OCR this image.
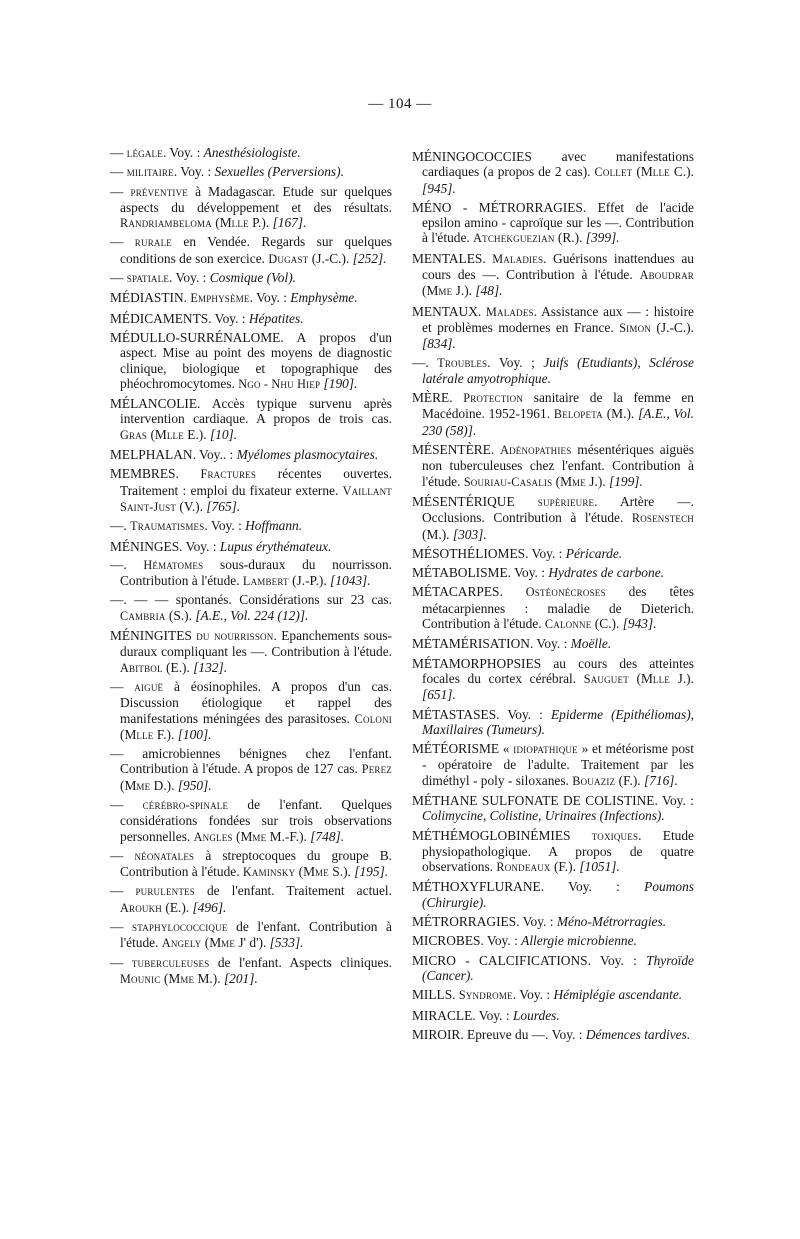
— 104 —

— légale. Voy. : Anesthésiologiste.

— militaire. Voy. : Sexuelles (Perversions).

— préventive à Madagascar. Etude sur quelques aspects du développement et des résultats. Randriambeloma (Mlle P.). [167].

— rurale en Vendée. Regards sur quelques conditions de son exercice. Dugast (J.-C.). [252].

— spatiale. Voy. : Cosmique (Vol).

MÉDIASTIN. Emphysème. Voy. : Emphysème.

MÉDICAMENTS. Voy. : Hépatites.

MÉDULLO-SURRÉNALOME. A propos d'un aspect. Mise au point des moyens de diagnostic clinique, biologique et topographique des phéochromocytomes. Ngo - Nhu Hiep [190].

MÉLANCOLIE. Accès typique survenu après intervention cardiaque. A propos de trois cas. Gras (Mlle E.). [10].

MELPHALAN. Voy.. : Myélomes plasmocytaires.

MEMBRES. Fractures récentes ouvertes. Traitement : emploi du fixateur externe. Vaillant Saint-Just (V.). [765].

—. Traumatismes. Voy. : Hoffmann.

MÉNINGES. Voy. : Lupus érythémateux.

—. Hématomes sous-duraux du nourrisson. Contribution à l'étude. Lambert (J.-P.). [1043].

—. — — spontanés. Considérations sur 23 cas. Cambria (S.). [A.E., Vol. 224 (12)].

MÉNINGITES du nourrisson. Epanchements sous-duraux compliquant les —. Contribution à l'étude. Abitbol (E.). [132].

— aiguë à éosinophiles. A propos d'un cas. Discussion étiologique et rappel des manifestations méningées des parasitoses. Coloni (Mlle F.). [100].

— amicrobiennes bénignes chez l'enfant. Contribution à l'étude. A propos de 127 cas. Perez (Mme D.). [950].

— cérébro-spinale de l'enfant. Quelques considérations fondées sur trois observations personnelles. Angles (Mme M.-F.). [748].

— néonatales à streptocoques du groupe B. Contribution à l'étude. Kaminsky (Mme S.). [195].

— purulentes de l'enfant. Traitement actuel. Aroukh (E.). [496].

— staphylococcique de l'enfant. Contribution à l'étude. Angely (Mme J' d'). [533].

— tuberculeuses de l'enfant. Aspects cliniques. Mounic (Mme M.). [201].

MÉNINGOCOCCIES avec manifestations cardiaques (a propos de 2 cas). Collet (Mlle C.). [945].

MÉNO - MÉTRORRAGIES. Effet de l'acide epsilon amino - caproïque sur les —. Contribution à l'étude. Atchekguezian (R.). [399].

MENTALES. Maladies. Guérisons inattendues au cours des —. Contribution à l'étude. Aboudrar (Mme J.). [48].

MENTAUX. Malades. Assistance aux — : histoire et problèmes modernes en France. Simon (J.-C.). [834].

—. Troubles. Voy. ; Juifs (Etudiants), Sclérose latérale amyotrophique.

MÈRE. Protection sanitaire de la femme en Macédoine. 1952-1961. Belopeta (M.). [A.E., Vol. 230 (58)].

MÉSENTÈRE. Adénopathies mésentériques aiguës non tuberculeuses chez l'enfant. Contribution à l'étude. Souriau-Casalis (Mme J.). [199].

MÉSENTÉRIQUE supérieure. Artère —. Occlusions. Contribution à l'étude. Rosenstech (M.). [303].

MÉSOTHÉLIOMES. Voy. : Péricarde.

MÉTABOLISME. Voy. : Hydrates de carbone.

MÉTACARPES. Ostéonécroses des têtes métacarpiennes : maladie de Dieterich. Contribution à l'étude. Calonne (C.). [943].

MÉTAMÉRISATION. Voy. : Moëlle.

MÉTAMORPHOPSIES au cours des atteintes focales du cortex cérébral. Sauguet (Mlle J.). [651].

MÉTASTASES. Voy. : Epiderme (Epithéliomas), Maxillaires (Tumeurs).

MÉTÉORISME « idiopathique » et météorisme post - opératoire de l'adulte. Traitement par les diméthyl - poly - siloxanes. Bouaziz (F.). [716].

MÉTHANE SULFONATE DE COLISTINE. Voy. : Colimycine, Colistine, Urinaires (Infections).

MÉTHÉMOGLOBINÉMIES toxiques. Etude physiopathologique. A propos de quatre observations. Rondeaux (F.). [1051].

MÉTHOXYFLURANE. Voy. : Poumons (Chirurgie).

MÉTRORRAGIES. Voy. : Méno-Métrorragies.

MICROBES. Voy. : Allergie microbienne.

MICRO - CALCIFICATIONS. Voy. : Thyroïde (Cancer).

MILLS. Syndrome. Voy. : Hémiplégie ascendante.

MIRACLE. Voy. : Lourdes.

MIROIR. Epreuve du —. Voy. : Démences tardives.
